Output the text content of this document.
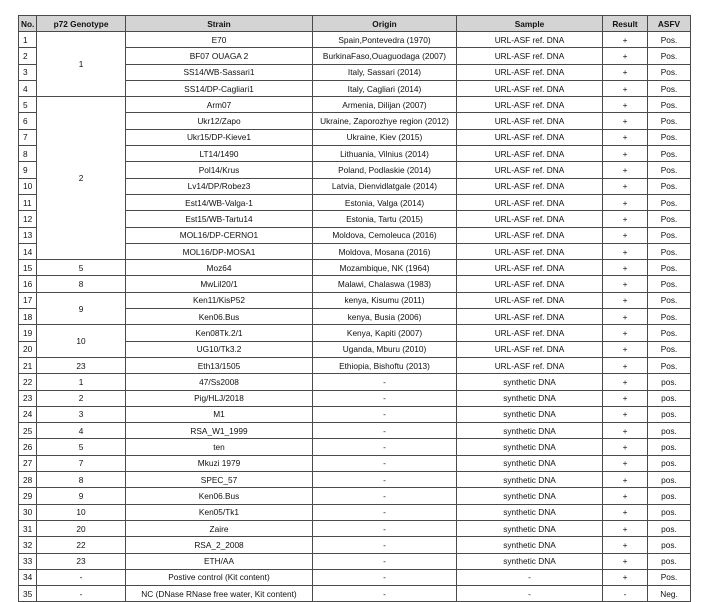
No.	p72 Genotype	Strain	Origin	Sample	Result	ASFV
1	1	E70	Spain,Pontevedra (1970)	URL-ASF ref. DNA	+	Pos.
2		BF07 OUAGA 2	BurkinaFaso,Ouaguodaga (2007)	URL-ASF ref. DNA	+	Pos.
3		SS14/WB-Sassari1	Italy, Sassari (2014)	URL-ASF ref. DNA	+	Pos.
4		SS14/DP-Cagliari1	Italy, Cagliari (2014)	URL-ASF ref. DNA	+	Pos.
5	2	Arm07	Armenia, Dilijan (2007)	URL-ASF ref. DNA	+	Pos.
6		Ukr12/Zapo	Ukraine, Zaporozhye region (2012)	URL-ASF ref. DNA	+	Pos.
7		Ukr15/DP-Kieve1	Ukraine, Kiev (2015)	URL-ASF ref. DNA	+	Pos.
8		LT14/1490	Lithuania, Vilnius (2014)	URL-ASF ref. DNA	+	Pos.
9		Pol14/Krus	Poland, Podlaskie (2014)	URL-ASF ref. DNA	+	Pos.
10		Lv14/DP/Robez3	Latvia, Dienvidlatgale (2014)	URL-ASF ref. DNA	+	Pos.
11		Est14/WB-Valga-1	Estonia, Valga (2014)	URL-ASF ref. DNA	+	Pos.
12		Est15/WB-Tartu14	Estonia, Tartu (2015)	URL-ASF ref. DNA	+	Pos.
13		MOL16/DP-CERNO1	Moldova, Cemoleuca (2016)	URL-ASF ref. DNA	+	Pos.
14		MOL16/DP-MOSA1	Moldova, Mosana (2016)	URL-ASF ref. DNA	+	Pos.
15	5	Moz64	Mozambique, NK (1964)	URL-ASF ref. DNA	+	Pos.
16	8	MwLil20/1	Malawi, Chalaswa (1983)	URL-ASF ref. DNA	+	Pos.
17	9	Ken11/KisP52	kenya, Kisumu (2011)	URL-ASF ref. DNA	+	Pos.
18		Ken06.Bus	kenya, Busia (2006)	URL-ASF ref. DNA	+	Pos.
19	10	Ken08Tk.2/1	Kenya, Kapiti (2007)	URL-ASF ref. DNA	+	Pos.
20		UG10/Tk3.2	Uganda, Mburu (2010)	URL-ASF ref. DNA	+	Pos.
21	23	Eth13/1505	Ethiopia, Bishoftu (2013)	URL-ASF ref. DNA	+	Pos.
22	1	47/Ss2008	-	synthetic DNA	+	pos.
23	2	Pig/HLJ/2018	-	synthetic DNA	+	pos.
24	3	M1	-	synthetic DNA	+	pos.
25	4	RSA_W1_1999	-	synthetic DNA	+	pos.
26	5	ten	-	synthetic DNA	+	pos.
27	7	Mkuzi 1979	-	synthetic DNA	+	pos.
28	8	SPEC_57	-	synthetic DNA	+	pos.
29	9	Ken06.Bus	-	synthetic DNA	+	pos.
30	10	Ken05/Tk1	-	synthetic DNA	+	pos.
31	20	Zaire	-	synthetic DNA	+	pos.
32	22	RSA_2_2008	-	synthetic DNA	+	pos.
33	23	ETH/AA	-	synthetic DNA	+	pos.
34	-	Postive control (Kit content)	-	-	+	Pos.
35	-	NC (DNase RNase free water, Kit content)	-	-	-	Neg.
